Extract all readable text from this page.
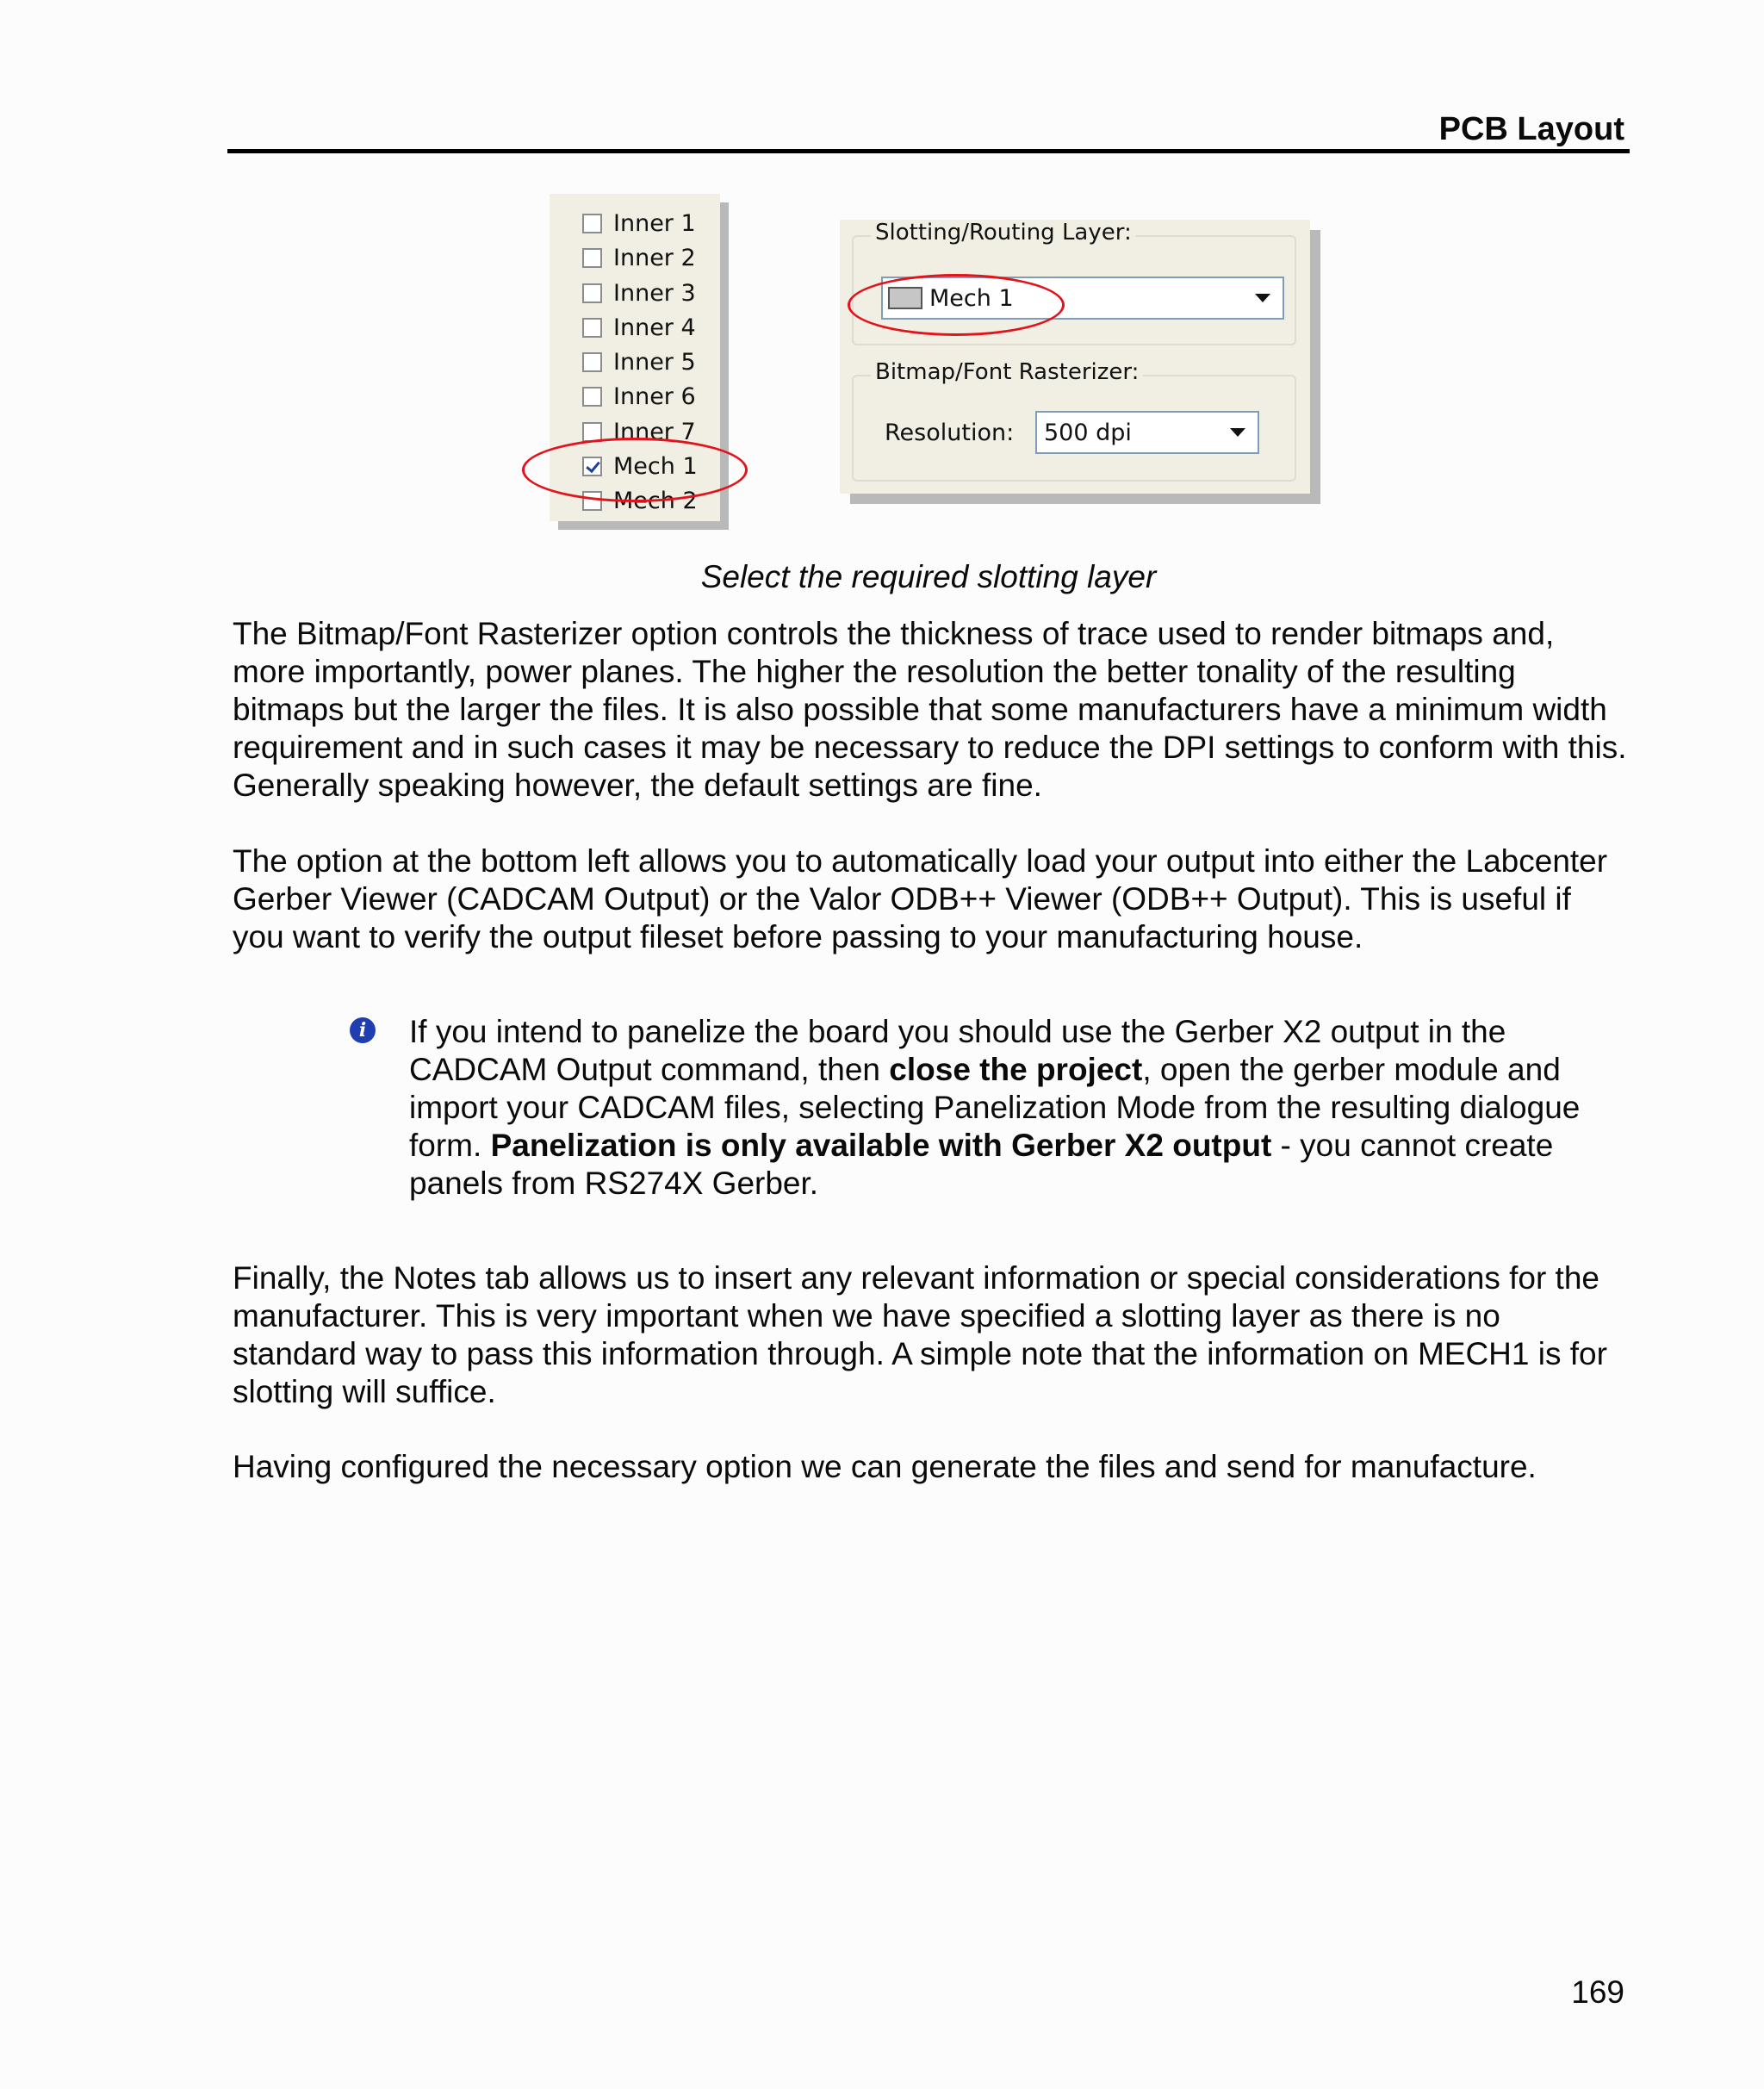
PCB Layout
Inner 1
Inner 2
Inner 3
Inner 4
Inner 5
Inner 6
Inner 7
Mech 1
Mech 2
Slotting/Routing Layer:
Mech 1
Bitmap/Font Rasterizer:
Resolution: 500 dpi
Select the required slotting layer

The Bitmap/Font Rasterizer option controls the thickness of trace used to render bitmaps and, more importantly, power planes. The higher the resolution the better tonality of the resulting bitmaps but the larger the files. It is also possible that some manufacturers have a minimum width requirement and in such cases it may be necessary to reduce the DPI settings to conform with this. Generally speaking however, the default settings are fine.

The option at the bottom left allows you to automatically load your output into either the Labcenter Gerber Viewer (CADCAM Output) or the Valor ODB++ Viewer (ODB++ Output). This is useful if you want to verify the output fileset before passing to your manufacturing house.

i If you intend to panelize the board you should use the Gerber X2 output in the CADCAM Output command, then close the project, open the gerber module and import your CADCAM files, selecting Panelization Mode from the resulting dialogue form. Panelization is only available with Gerber X2 output - you cannot create panels from RS274X Gerber.

Finally, the Notes tab allows us to insert any relevant information or special considerations for the manufacturer. This is very important when we have specified a slotting layer as there is no standard way to pass this information through. A simple note that the information on MECH1 is for slotting will suffice.

Having configured the necessary option we can generate the files and send for manufacture.

169
